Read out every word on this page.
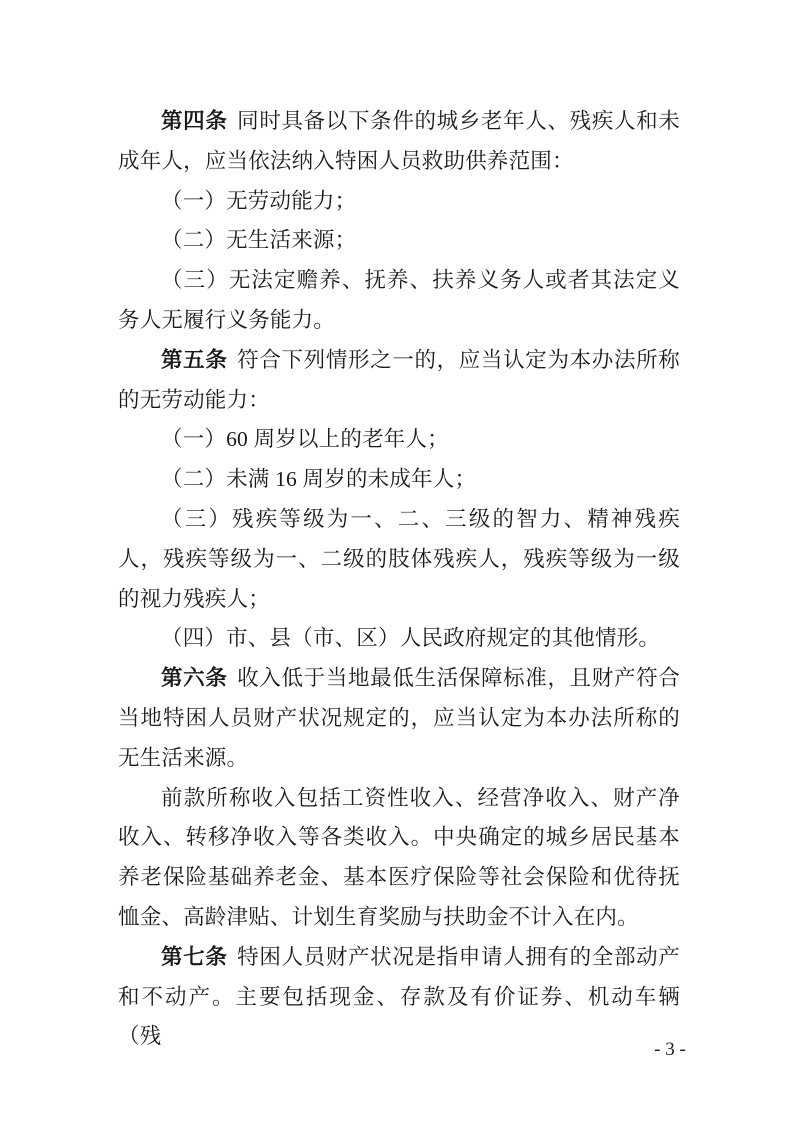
第四条 同时具备以下条件的城乡老年人、残疾人和未成年人，应当依法纳入特困人员救助供养范围：

（一）无劳动能力；

（二）无生活来源；

（三）无法定赡养、抚养、扶养义务人或者其法定义务人无履行义务能力。

第五条 符合下列情形之一的，应当认定为本办法所称的无劳动能力：

（一）60 周岁以上的老年人；

（二）未满 16 周岁的未成年人；

（三）残疾等级为一、二、三级的智力、精神残疾人，残疾等级为一、二级的肢体残疾人，残疾等级为一级的视力残疾人；

（四）市、县（市、区）人民政府规定的其他情形。

第六条 收入低于当地最低生活保障标准，且财产符合当地特困人员财产状况规定的，应当认定为本办法所称的无生活来源。

前款所称收入包括工资性收入、经营净收入、财产净收入、转移净收入等各类收入。中央确定的城乡居民基本养老保险基础养老金、基本医疗保险等社会保险和优待抚恤金、高龄津贴、计划生育奖励与扶助金不计入在内。

第七条 特困人员财产状况是指申请人拥有的全部动产和不动产。主要包括现金、存款及有价证券、机动车辆（残

- 3 -
